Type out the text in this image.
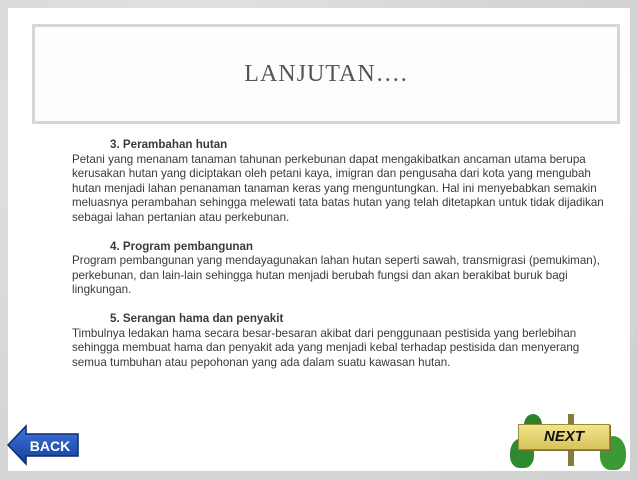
LANJUTAN….
3. Perambahan hutan

Petani yang menanam tanaman tahunan perkebunan dapat mengakibatkan ancaman utama berupa kerusakan hutan yang diciptakan oleh petani kaya, imigran dan pengusaha dari kota yang mengubah hutan menjadi lahan penanaman tanaman keras yang menguntungkan. Hal ini menyebabkan semakin meluasnya perambahan sehingga melewati tata batas hutan yang telah ditetapkan untuk tidak dijadikan sebagai lahan pertanian atau perkebunan.

4. Program pembangunan

Program pembangunan yang mendayagunakan lahan hutan seperti sawah, transmigrasi (pemukiman), perkebunan, dan lain-lain sehingga hutan menjadi berubah fungsi dan akan berakibat buruk bagi lingkungan.

5. Serangan hama dan penyakit

Timbulnya ledakan hama secara besar-besaran akibat dari penggunaan pestisida yang berlebihan sehingga membuat hama dan penyakit ada yang menjadi kebal terhadap pestisida dan menyerang semua tumbuhan atau pepohonan yang ada dalam suatu kawasan hutan.

BACK
NEXT
